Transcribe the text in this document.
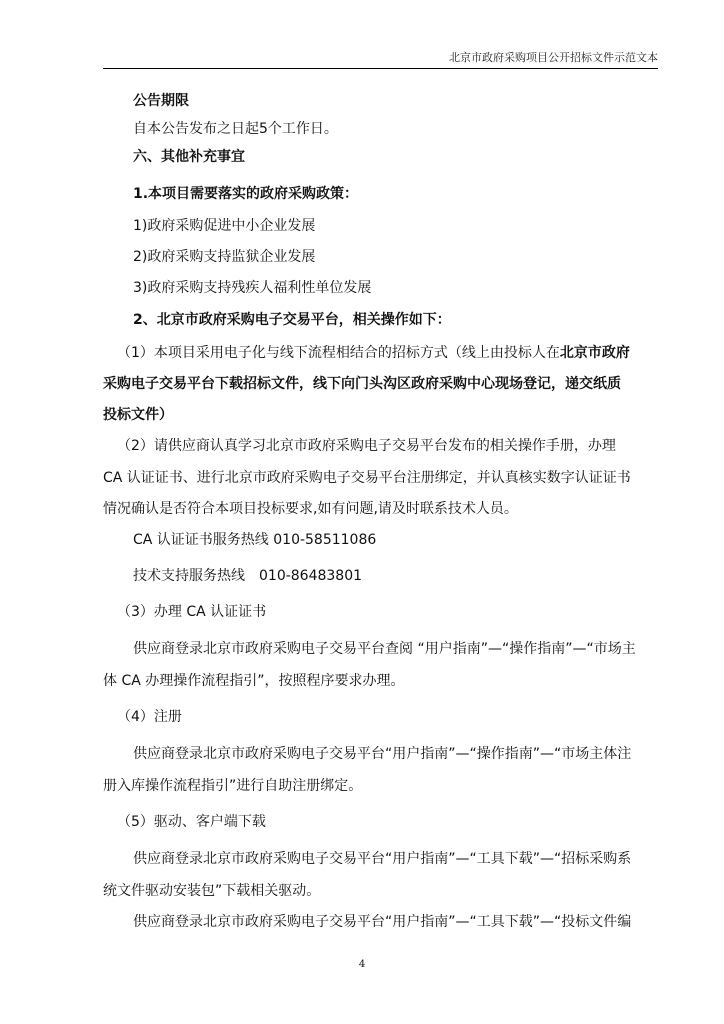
北京市政府采购项目公开招标文件示范文本
公告期限
自本公告发布之日起5个工作日。
六、其他补充事宜
1.本项目需要落实的政府采购政策：
1)政府采购促进中小企业发展
2)政府采购支持监狱企业发展
3)政府采购支持残疾人福利性单位发展
2、北京市政府采购电子交易平台，相关操作如下：
（1）本项目采用电子化与线下流程相结合的招标方式（线上由投标人在北京市政府
采购电子交易平台下载招标文件，线下向门头沟区政府采购中心现场登记，递交纸质
投标文件）
（2）请供应商认真学习北京市政府采购电子交易平台发布的相关操作手册，办理
CA 认证证书、进行北京市政府采购电子交易平台注册绑定，并认真核实数字认证证书
情况确认是否符合本项目投标要求,如有问题,请及时联系技术人员。
CA 认证证书服务热线 010-58511086
技术支持服务热线　010-86483801
（3）办理 CA 认证证书
供应商登录北京市政府采购电子交易平台查阅 “用户指南”—“操作指南”—“市场主
体 CA 办理操作流程指引”，按照程序要求办理。
（4）注册
供应商登录北京市政府采购电子交易平台“用户指南”—“操作指南”—“市场主体注
册入库操作流程指引”进行自助注册绑定。
（5）驱动、客户端下载
供应商登录北京市政府采购电子交易平台“用户指南”—“工具下载”—“招标采购系
统文件驱动安装包”下载相关驱动。
供应商登录北京市政府采购电子交易平台“用户指南”—“工具下载”—“投标文件编
4
